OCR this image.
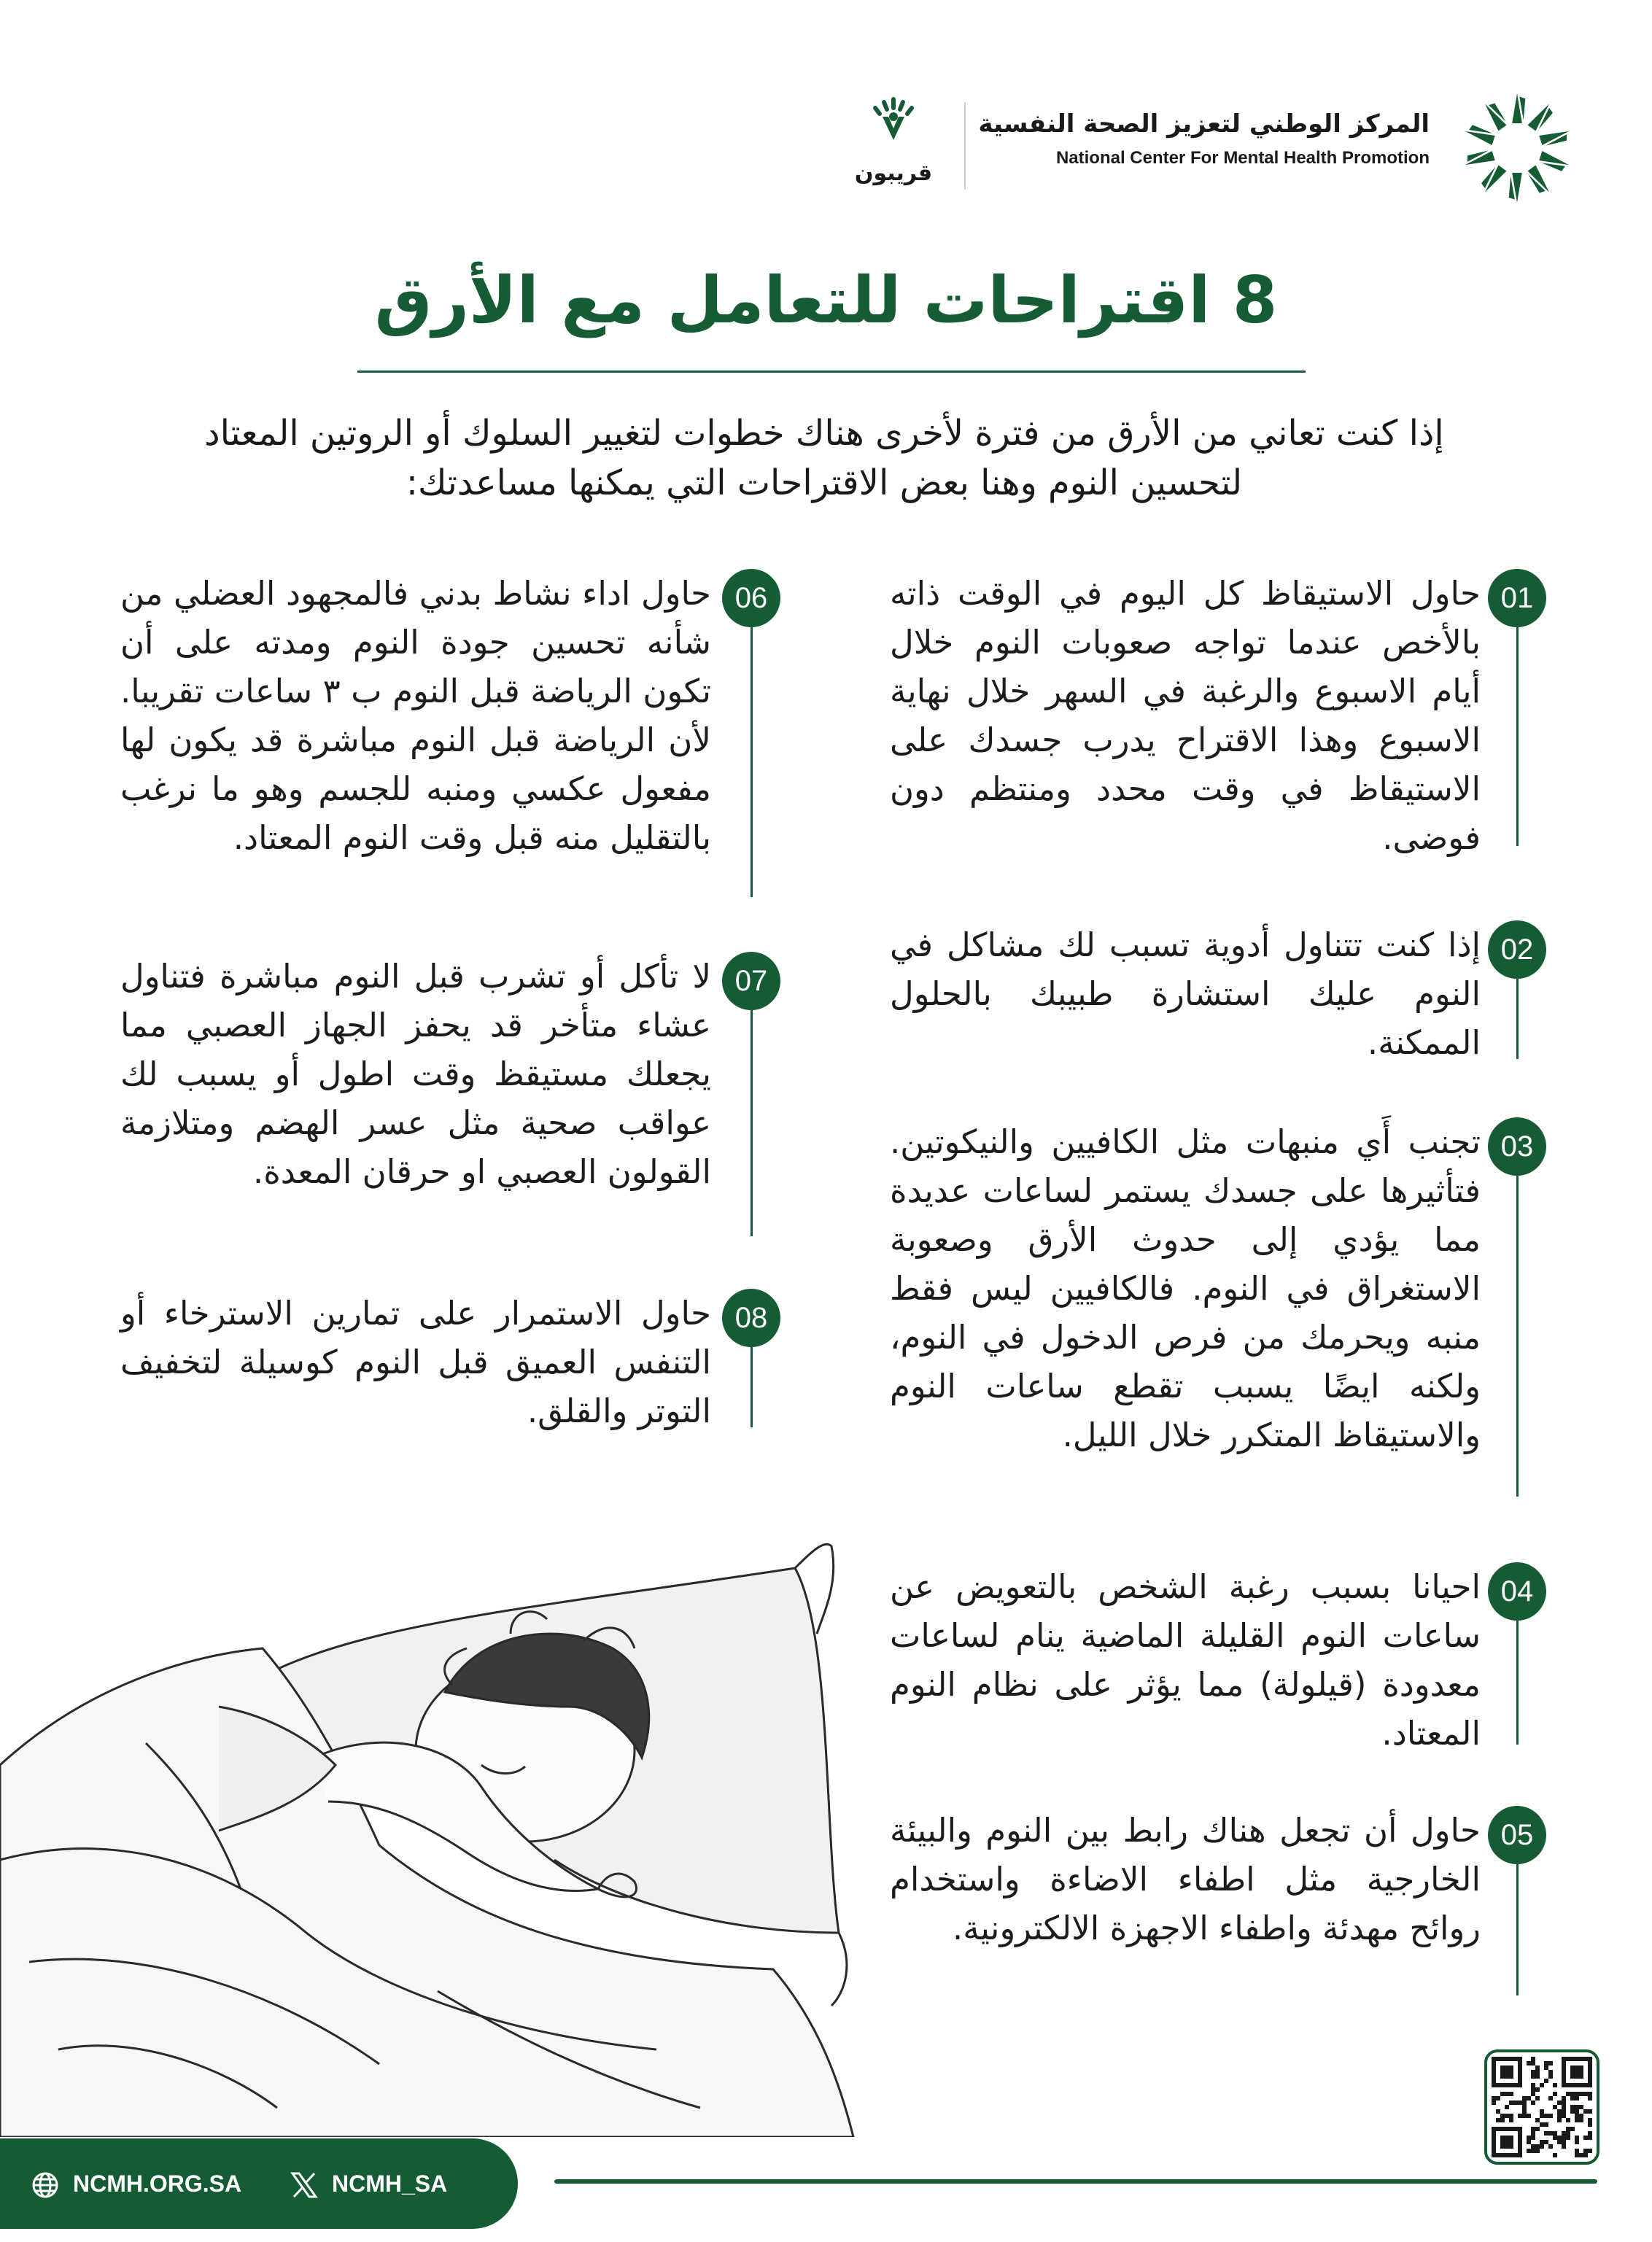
المركز الوطني لتعزيز الصحة النفسية
National Center For Mental Health Promotion
قريبون
8 اقتراحات للتعامل مع الأرق
إذا كنت تعاني من الأرق من فترة لأخرى هناك خطوات لتغيير السلوك أو الروتين المعتاد لتحسين النوم وهنا بعض الاقتراحات التي يمكنها مساعدتك:
حاول الاستيقاظ كل اليوم في الوقت ذاته بالأخص عندما تواجه صعوبات النوم خلال أيام الاسبوع والرغبة في السهر خلال نهاية الاسبوع وهذا الاقتراح يدرب جسدك على الاستيقاظ في وقت محدد ومنتظم دون فوضى.
01
إذا كنت تتناول أدوية تسبب لك مشاكل في النوم عليك استشارة طبيبك بالحلول الممكنة.
02
تجنب أَي منبهات مثل الكافيين والنيكوتين. فتأثيرها على جسدك يستمر لساعات عديدة مما يؤدي إلى حدوث الأرق وصعوبة الاستغراق في النوم. فالكافيين ليس فقط منبه ويحرمك من فرص الدخول في النوم، ولكنه ايضًا يسبب تقطع ساعات النوم والاستيقاظ المتكرر خلال الليل.
03
احيانا بسبب رغبة الشخص بالتعويض عن ساعات النوم القليلة الماضية ينام لساعات معدودة (قيلولة) مما يؤثر على نظام النوم المعتاد.
04
حاول أن تجعل هناك رابط بين النوم والبيئة الخارجية مثل اطفاء الاضاءة واستخدام روائح مهدئة واطفاء الاجهزة الالكترونية.
05
حاول اداء نشاط بدني فالمجهود العضلي من شأنه تحسين جودة النوم ومدته على أن تكون الرياضة قبل النوم ب ٣ ساعات تقريبا. لأن الرياضة قبل النوم مباشرة قد يكون لها مفعول عكسي ومنبه للجسم وهو ما نرغب بالتقليل منه قبل وقت النوم المعتاد.
06
لا تأكل أو تشرب قبل النوم مباشرة فتناول عشاء متأخر قد يحفز الجهاز العصبي مما يجعلك مستيقظ وقت اطول أو يسبب لك عواقب صحية مثل عسر الهضم ومتلازمة القولون العصبي او حرقان المعدة.
07
حاول الاستمرار على تمارين الاسترخاء أو التنفس العميق قبل النوم كوسيلة لتخفيف التوتر والقلق.
08
NCMH.ORG.SA	NCMH_SA
